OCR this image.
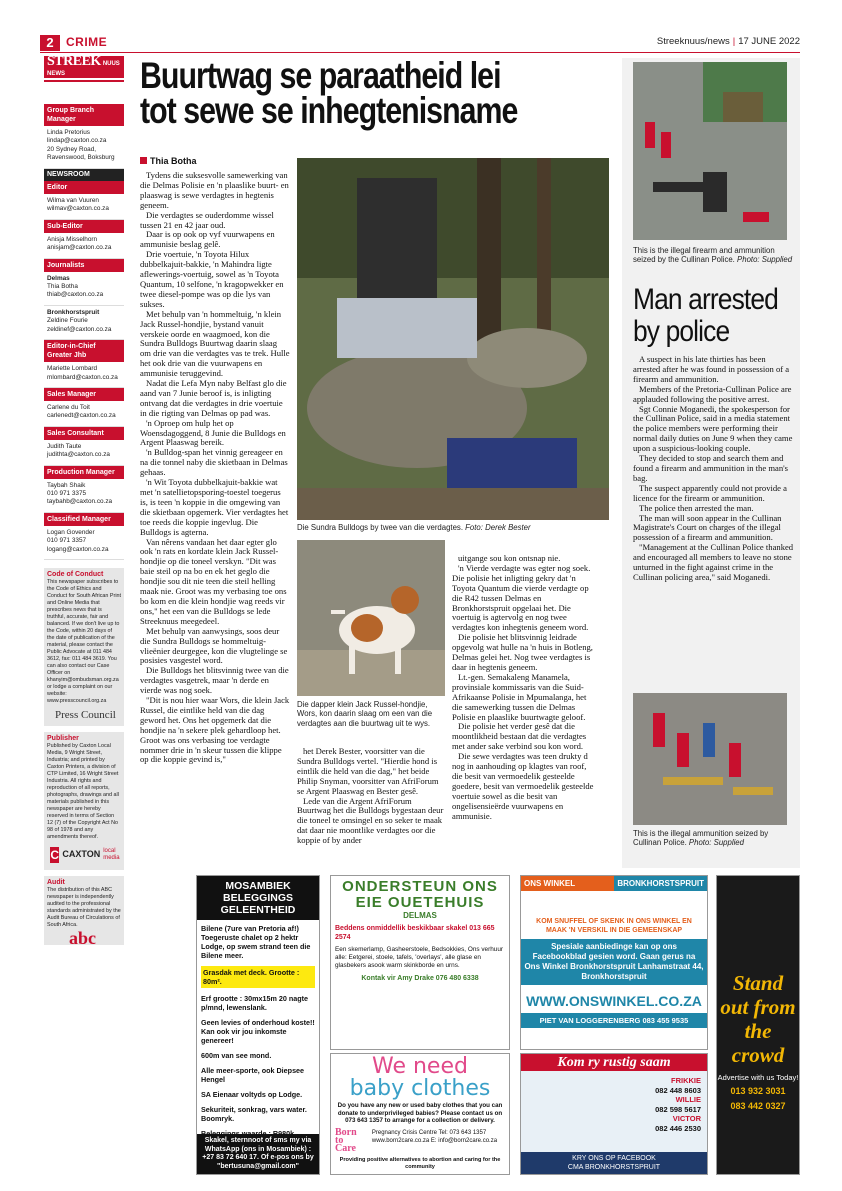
2	CRIME	Streeknuus/news | 17 JUNE 2022
STREEK NUUS NEWS
Group Branch Manager
Linda Pretorius
lindap@caxton.co.za
20 Sydney Road,
Ravenswood, Boksburg
NEWSROOM
Editor
Wilma van Vuuren
wilmav@caxton.co.za
Sub-Editor
Anisja Misselhorn
anisjam@caxton.co.za
Journalists
Delmas
Thia Botha
thiab@caxton.co.za
Bronkhorstspruit
Zeldine Fourie
zeldinef@caxton.co.za
Editor-in-Chief Greater Jhb
Mariette Lombard
mlombard@caxton.co.za
Sales Manager
Carlene du Toit
carlenedt@caxton.co.za
Sales Consultant
Judith Taute
judithta@caxton.co.za
Production Manager
Taybah Shaik
010 971 3375
taybahb@caxton.co.za
Classified Manager
Logan Govender
010 971 3357
logang@caxton.co.za
Code of Conduct
This newspaper subscribes to the Code of Ethics and Conduct for South African Print and Online Media that prescribes news that is truthful, accurate, fair and balanced. If we don't live up to the Code, within 20 days of the date of publication of the material, please contact the Public Advocate at 011 484 3612, fax: 011 484 3619. You can also contact our Case Officer on khanyim@ombudsman.org.za or lodge a complaint on our website: www.presscouncil.org.za
Press Council
Publisher
Published by Caxton Local Media, 9 Wright Street, Industria; and printed by Caxton Printers, a division of CTP Limited, 16 Wright Street Industria. All rights and reproduction of all reports, photographs, drawings and all materials published in this newspaper are hereby reserved in terms of Section 12 (7) of the Copyright Act No 98 of 1978 and any amendments thereof.
C CAXTON local media
Audit
The distribution of this ABC newspaper is independently audited to the professional standards administrated by the Audit Bureau of Circulations of South Africa.
abc
Buurtwag se paraatheid lei tot sewe se inhegtenisname
Thia Botha

Tydens die suksesvolle samewerking van die Delmas Polisie en 'n plaaslike buurt- en plaaswag is sewe verdagtes in hegtenis geneem.

Die verdagtes se ouderdomme wissel tussen 21 en 42 jaar oud.

Daar is op ook op vyf vuurwapens en ammunisie beslag gelê.

Drie voertuie, 'n Toyota Hilux dubbelkajuit-bakkie, 'n Mahindra ligte aflewerings-voertuig, sowel as 'n Toyota Quantum, 10 selfone, 'n kragopwekker en twee diesel-pompe was op die lys van sukses.

Met behulp van 'n hommeltuig, 'n klein Jack Russel-hondjie, bystand vanuit verskeie oorde en waagmoed, kon die Sundra Bulldogs Buurtwag daarin slaag om drie van die verdagtes vas te trek. Hulle het ook drie van die vuurwapens en ammunisie teruggevind.

Nadat die Lefa Myn naby Belfast glo die aand van 7 Junie beroof is, is inligting ontvang dat die verdagtes in drie voertuie in die rigting van Delmas op pad was.

'n Oproep om hulp het op Woensdagoggend, 8 Junie die Bulldogs en Argent Plaaswag bereik.

'n Bulldog-span het vinnig gereageer en na die tonnel naby die skietbaan in Delmas gehaas.

'n Wit Toyota dubbelkajuit-bakkie wat met 'n satellietopsporing-toestel toegerus is, is teen 'n koppie in die omgewing van die skietbaan opgemerk. Vier verdagtes het toe reeds die koppie ingevlug. Die Bulldogs is agterna.

Van nêrens vandaan het daar egter glo ook 'n rats en kordate klein Jack Russel-hondjie op die toneel verskyn. "Dit was baie steil op na bo en ek het geglo die hondjie sou dit nie teen die steil helling maak nie. Groot was my verbasing toe ons bo kom en die klein hondjie wag reeds vir ons," het een van die Bulldogs se lede Streeknuus meegedeel.

Met behulp van aanwysings, soos deur die Sundra Bulldogs se hommeltuig-vlieënier deurgegee, kon die vlugtelinge se posisies vasgestel word.

Die Bulldogs het blitsvinnig twee van die verdagtes vasgetrek, maar 'n derde en vierde was nog soek.

"Dit is nou hier waar Wors, die klein Jack Russel, die eintlike held van die dag geword het. Ons het opgemerk dat die hondjie na 'n sekere plek gehardloop het. Groot was ons verbasing toe verdagte nommer drie in 'n skeur tussen die klippe op die koppie gevind is,"

Die Sundra Bulldogs by twee van die verdagtes. Foto: Derek Bester
Die dapper klein Jack Russel-hondjie, Wors, kon daarin slaag om een van die verdagtes aan die buurtwag uit te wys.

het Derek Bester, voorsitter van die Sundra Bulldogs vertel. "Hierdie hond is eintlik die held van die dag," het beide Philip Snyman, voorsitter van AfriForum se Argent Plaaswag en Bester gesê.

Lede van die Argent AfriForum Buurtwag het die Bulldogs bygestaan deur die toneel te omsingel en so seker te maak dat daar nie moontlike verdagtes oor die koppie of by ander

uitgange sou kon ontsnap nie.

'n Vierde verdagte was egter nog soek. Die polisie het inligting gekry dat 'n Toyota Quantum die vierde verdagte op die R42 tussen Delmas en Bronkhorstspruit opgelaai het. Die voertuig is agtervolg en nog twee verdagtes kon inhegtenis geneem word.

Die polisie het blitsvinnig leidrade opgevolg wat hulle na 'n huis in Botleng, Delmas gelei het. Nog twee verdagtes is daar in hegtenis geneem.

Lt.-gen. Semakaleng Manamela, provinsiale kommissaris van die Suid-Afrikaanse Polisie in Mpumalanga, het die samewerking tussen die Delmas Polisie en plaaslike buurtwagte geloof.

Die polisie het verder gesê dat die moontlikheid bestaan dat die verdagtes met ander sake verbind sou kon word.

Die sewe verdagtes was teen drukty d nog in aanhouding op klagtes van roof, die besit van vermoedelik gesteelde goedere, besit van vermoedelik gesteelde voertuie sowel as die besit van ongelisensieërde vuurwapens en ammunisie.

This is the illegal firearm and ammunition seized by the Cullinan Police. Photo: Supplied
Man arrested by police

A suspect in his late thirties has been arrested after he was found in possession of a firearm and ammunition.

Members of the Pretoria-Cullinan Police are applauded following the positive arrest.

Sgt Connie Moganedi, the spokesperson for the Cullinan Police, said in a media statement the police members were performing their normal daily duties on June 9 when they came upon a suspicious-looking couple.

They decided to stop and search them and found a firearm and ammunition in the man's bag.

The suspect apparently could not provide a licence for the firearm or ammunition.

The police then arrested the man.

The man will soon appear in the Cullinan Magistrate's Court on charges of the illegal possession of a firearm and ammunition.

"Management at the Cullinan Police thanked and encouraged all members to leave no stone unturned in the fight against crime in the Cullinan policing area," said Moganedi.

This is the illegal ammunition seized by Cullinan Police. Photo: Supplied
MOSAMBIEK BELEGGINGS GELEENTHEID

Bilene (7ure van Pretoria af!) Toegeruste chalet op 2 hektr Lodge, op swem strand teen die Bilene meer.

Grasdak met deck. Grootte : 80m².

Erf grootte : 30mx15m 20 nagte p/mnd, lewenslank.

Geen levies of onderhoud koste!! Kan ook vir jou inkomste genereer!

600m van see mond.

Alle meer-sporte, ook Diepsee Hengel

SA Eienaar voltyds op Lodge.

Sekuriteit, sonkrag, vars water. Boomryk.

Skakel, sternnoot of sms my via WhatsApp (ons in Mosambiek) : +27 83 72 640 17. Of e-pos ons by "bertusuna@gmail.com"
ONDERSTEUN ONS EIE OUETEHUIS
DELMAS
Beddens onmiddellik beskikbaar skakel 013 665 2574
Een skemerlamp, Gasheerstoele, Bedsokkies, Ons verhuur alle: Eetgerei, stoele, tafels, 'overlays', alle glase en glasbekers asook warm skinkborde en urns.
Kontak vir Amy Drake 076 480 6338
We need
baby clothes
Do you have any new or used baby clothes that you can donate to underprivileged babies? Please contact us on 073 643 1357 to arrange for a collection or delivery.
Born to Care
Pregnancy Crisis Centre Tel: 073 643 1357 www.born2care.co.za E: info@born2care.co.za
Providing positive alternatives to abortion and caring for the community
ONS WINKEL	BRONKHORSTSPRUIT
KOM SNUFFEL OF SKENK IN ONS WINKEL EN MAAK 'N VERSKIL IN DIE GEMEENSKAP
Spesiale aanbiedinge kan op ons Facebookblad gesien word. Gaan gerus na Ons Winkel Bronkhorstspruit Lanhamstraat 44, Bronkhorstspruit
WWW.ONSWINKEL.CO.ZA
PIET VAN LOGGERENBERG 083 455 9535
Kom ry rustig saam
FRIKKIE
082 448 8603
WILLIE
082 598 5617
VICTOR
082 446 2530
KRY ONS OP FACEBOOK
CMA BRONKHORSTSPRUIT
Stand out from the crowd
Advertise with us Today!
013 932 3031
083 442 0327
